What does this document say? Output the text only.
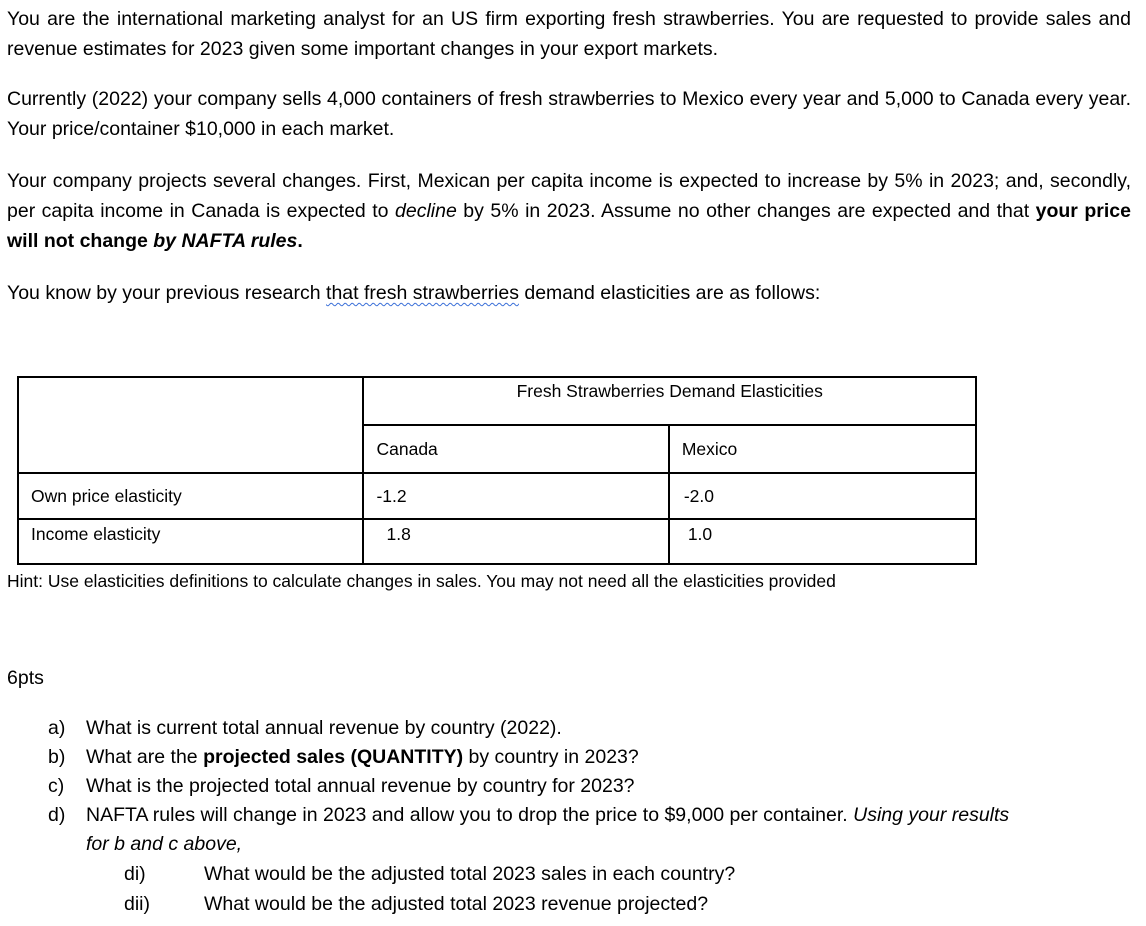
You are the international marketing analyst for an US firm exporting fresh strawberries. You are requested to provide sales and revenue estimates for 2023 given some important changes in your export markets.

Currently (2022) your company sells 4,000 containers of fresh strawberries to Mexico every year and 5,000 to Canada every year. Your price/container $10,000 in each market.

Your company projects several changes. First, Mexican per capita income is expected to increase by 5% in 2023; and, secondly, per capita income in Canada is expected to decline by 5% in 2023. Assume no other changes are expected and that your price will not change by NAFTA rules.

You know by your previous research that fresh strawberries demand elasticities are as follows:

	Fresh Strawberries Demand Elasticities	
	Canada	Mexico
Own price elasticity	-1.2	-2.0
Income elasticity	1.8	1.0
Hint: Use elasticities definitions to calculate changes in sales. You may not need all the elasticities provided
6pts
a) What is current total annual revenue by country (2022).
b) What are the projected sales (QUANTITY) by country in 2023?
c) What is the projected total annual revenue by country for 2023?
d) NAFTA rules will change in 2023 and allow you to drop the price to $9,000 per container. Using your results for b and c above,
di)	What would be the adjusted total 2023 sales in each country?
dii)	What would be the adjusted total 2023 revenue projected?
